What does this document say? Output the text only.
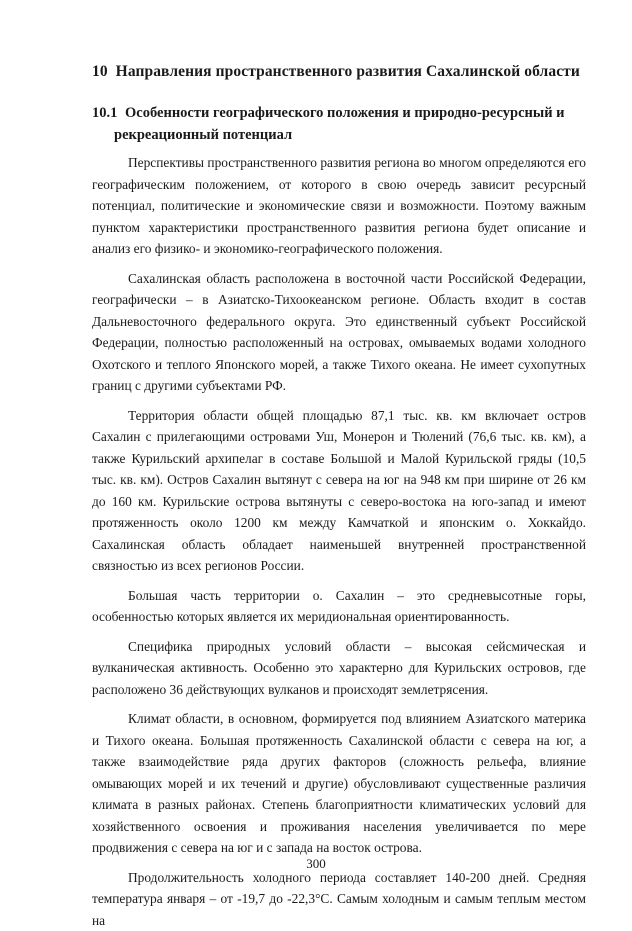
10 Направления пространственного развития Сахалинской области
10.1 Особенности географического положения и природно-ресурсный и
рекреационный потенциал

Перспективы пространственного развития региона во многом определяются его географическим положением, от которого в свою очередь зависит ресурсный потенциал, политические и экономические связи и возможности. Поэтому важным пунктом характеристики пространственного развития региона будет описание и анализ его физико- и экономико-географического положения.

Сахалинская область расположена в восточной части Российской Федерации, географически – в Азиатско-Тихоокеанском регионе. Область входит в состав Дальневосточного федерального округа. Это единственный субъект Российской Федерации, полностью расположенный на островах, омываемых водами холодного Охотского и теплого Японского морей, а также Тихого океана. Не имеет сухопутных границ с другими субъектами РФ.

Территория области общей площадью 87,1 тыс. кв. км включает остров Сахалин с прилегающими островами Уш, Монерон и Тюлений (76,6 тыс. кв. км), а также Курильский архипелаг в составе Большой и Малой Курильской гряды (10,5 тыс. кв. км). Остров Сахалин вытянут с севера на юг на 948 км при ширине от 26 км до 160 км. Курильские острова вытянуты с северо-востока на юго-запад и имеют протяженность около 1200 км между Камчаткой и японским о. Хоккайдо. Сахалинская область обладает наименьшей внутренней пространственной связностью из всех регионов России.

Большая часть территории о. Сахалин – это средневысотные горы, особенностью которых является их меридиональная ориентированность.

Специфика природных условий области – высокая сейсмическая и вулканическая активность. Особенно это характерно для Курильских островов, где расположено 36 действующих вулканов и происходят землетрясения.

Климат области, в основном, формируется под влиянием Азиатского материка и Тихого океана. Большая протяженность Сахалинской области с севера на юг, а также взаимодействие ряда других факторов (сложность рельефа, влияние омывающих морей и их течений и другие) обусловливают существенные различия климата в разных районах. Степень благоприятности климатических условий для хозяйственного освоения и проживания населения увеличивается по мере продвижения с севера на юг и с запада на восток острова.

Продолжительность холодного периода составляет 140-200 дней. Средняя температура января – от -19,7 до -22,3°С. Самым холодным и самым теплым местом на

300
